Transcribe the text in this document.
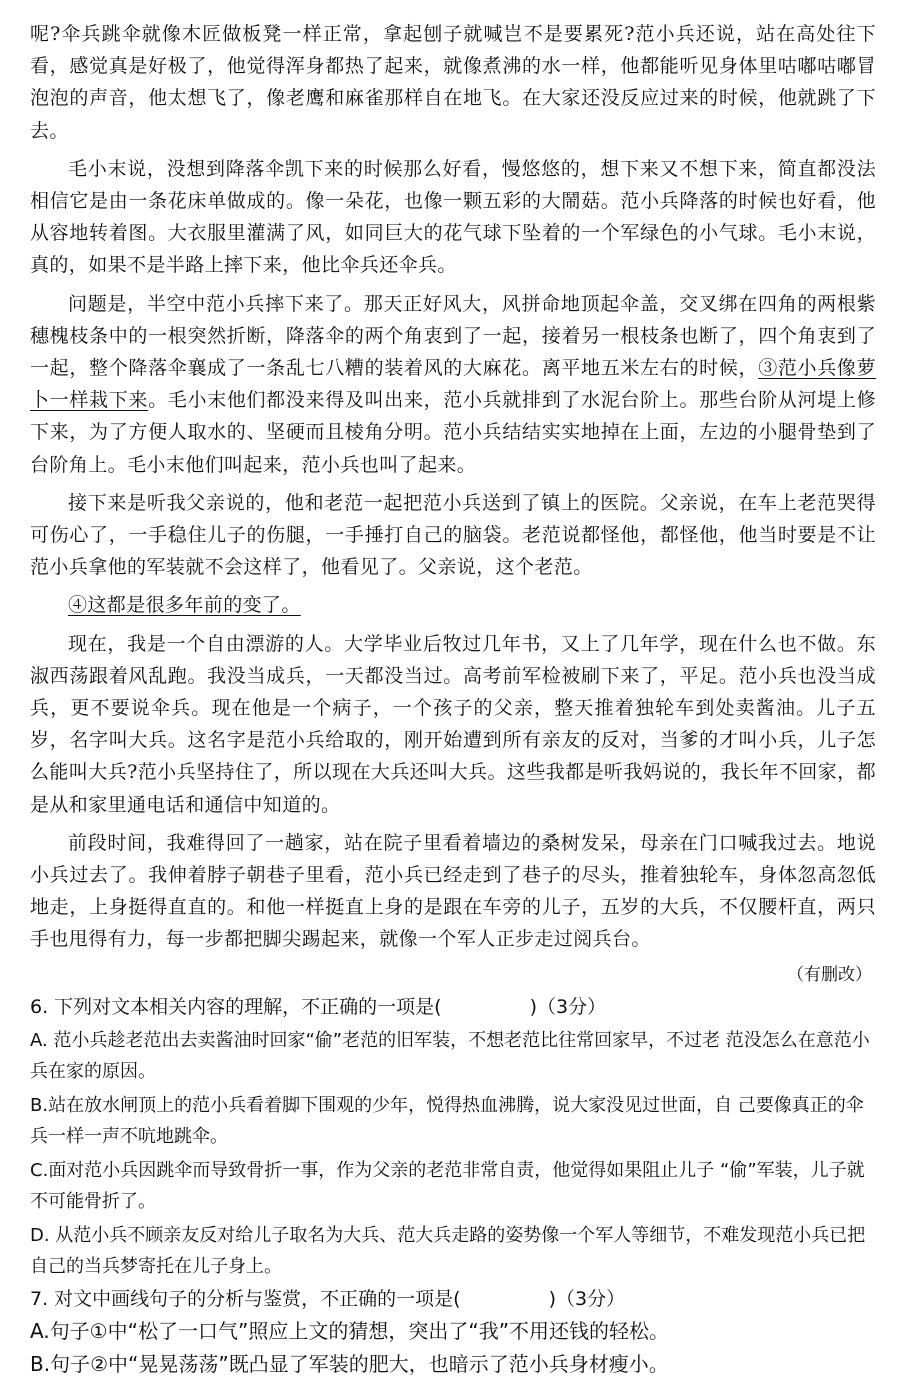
呢?伞兵跳伞就像木匠做板凳一样正常，拿起刨子就喊岂不是要累死?范小兵还说，站在高处往下看，感觉真是好极了，他觉得浑身都热了起来，就像煮沸的水一样，他都能听见身体里咕嘟咕嘟冒泡泡的声音，他太想飞了，像老鹰和麻雀那样自在地飞。在大家还没反应过来的时候，他就跳了下去。

毛小末说，没想到降落伞凯下来的时候那么好看，慢悠悠的，想下来又不想下来，简直都没法相信它是由一条花床单做成的。像一朵花，也像一颗五彩的大鬧菇。范小兵降落的时候也好看，他从容地转着图。大衣服里灌满了风，如同巨大的花气球下坠着的一个军绿色的小气球。毛小末说，真的，如果不是半路上摔下来，他比伞兵还伞兵。

问题是，半空中范小兵摔下来了。那天正好风大，风拼命地顶起伞盖，交叉绑在四角的两根紫穗槐枝条中的一根突然折断，降落伞的两个角衷到了一起，接着另一根枝条也断了，四个角衷到了一起，整个降落伞襄成了一条乱七八糟的装着风的大麻花。离平地五米左右的时候，③范小兵像萝卜一样栽下来。毛小末他们都没来得及叫出来，范小兵就排到了水泥台阶上。那些台阶从河堤上修下来，为了方便人取水的、坚硬而且棱角分明。范小兵结结实实地掉在上面，左边的小腿骨垫到了台阶角上。毛小末他们叫起来，范小兵也叫了起来。

接下来是听我父亲说的，他和老范一起把范小兵送到了镇上的医院。父亲说，在车上老范哭得可伤心了，一手稳住儿子的伤腿，一手捶打自己的脑袋。老范说都怪他，都怪他，他当时要是不让范小兵拿他的军装就不会这样了，他看见了。父亲说，这个老范。

④这都是很多年前的变了。

现在，我是一个自由漂游的人。大学毕业后牧过几年书，又上了几年学，现在什么也不做。东淑西荡跟着风乱跑。我没当成兵，一天都没当过。高考前军检被刷下来了，平足。范小兵也没当成兵，更不要说伞兵。现在他是一个病子，一个孩子的父亲，整天推着独轮车到处卖酱油。儿子五岁，名字叫大兵。这名字是范小兵给取的，刚开始遭到所有亲友的反对，当爹的才叫小兵，儿子怎么能叫大兵?范小兵坚持住了，所以现在大兵还叫大兵。这些我都是听我妈说的，我长年不回家，都是从和家里通电话和通信中知道的。

前段时间，我难得回了一趟家，站在院子里看着墙边的桑树发呆，母亲在门口喊我过去。地说小兵过去了。我伸着脖子朝巷子里看，范小兵已经走到了巷子的尽头，推着独轮车，身体忽高忽低地走，上身挺得直直的。和他一样挺直上身的是跟在车旁的儿子，五岁的大兵，不仅腰杆直，两只手也甩得有力，每一步都把脚尖踢起来，就像一个军人正步走过阅兵台。

（有删改）

6. 下列对文本相关内容的理解，不正确的一项是(	)（3分）

A. 范小兵趁老范出去卖酱油时回家“偷”老范的旧军装，不想老范比往常回家早，不过老 范没怎么在意范小兵在家的原因。

B.站在放水闸顶上的范小兵看着脚下围观的少年，悦得热血沸腾，说大家没见过世面，自 己要像真正的伞兵一样一声不吭地跳伞。

C.面对范小兵因跳伞而导致骨折一事，作为父亲的老范非常自责，他觉得如果阻止儿子 “偷”军装，儿子就不可能骨折了。

D. 从范小兵不顾亲友反对给儿子取名为大兵、范大兵走路的姿势像一个军人等细节，不难发现范小兵已把自己的当兵梦寄托在儿子身上。

7. 对文中画线句子的分析与鉴赏，不正确的一项是(	)（3分）

A.句子①中“松了一口气”照应上文的猜想，突出了“我”不用还钱的轻松。

B.句子②中“晃晃荡荡”既凸显了军装的肥大，也暗示了范小兵身材瘦小。
